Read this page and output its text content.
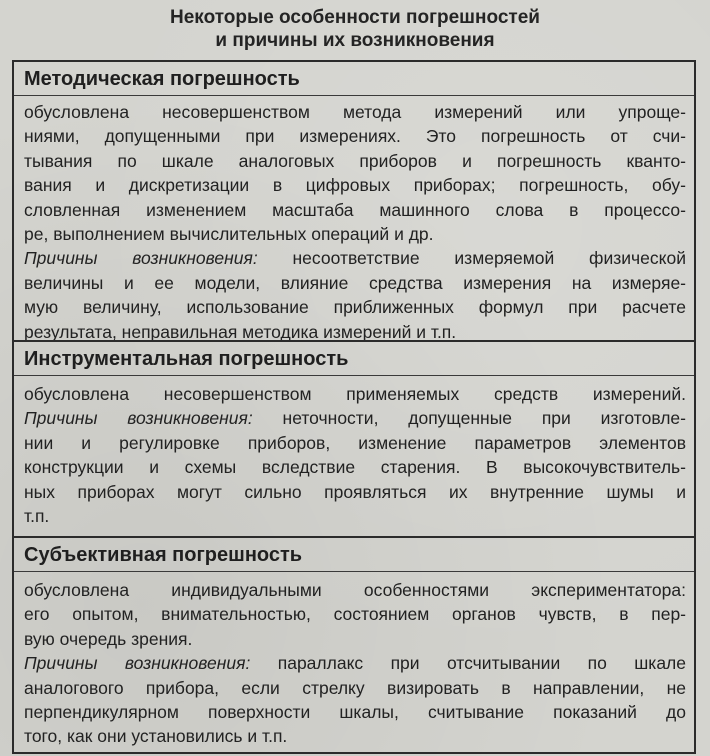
Некоторые особенности погрешностей
и причины их возникновения
Методическая погрешность
обусловлена несовершенством метода измерений или упроще-
ниями, допущенными при измерениях. Это погрешность от счи-
тывания по шкале аналоговых приборов и погрешность кванто-
вания и дискретизации в цифровых приборах; погрешность, обу-
словленная изменением масштаба машинного слова в процессо-
ре, выполнением вычислительных операций и др.
Причины возникновения: несоответствие измеряемой физической
величины и ее модели, влияние средства измерения на измеряе-
мую величину, использование приближенных формул при расчете
результата, неправильная методика измерений и т.п.
Инструментальная погрешность
обусловлена несовершенством применяемых средств измерений.
Причины возникновения: неточности, допущенные при изготовле-
нии и регулировке приборов, изменение параметров элементов
конструкции и схемы вследствие старения. В высокочувствитель-
ных приборах могут сильно проявляться их внутренние шумы и
т.п.
Субъективная погрешность
обусловлена индивидуальными особенностями экспериментатора:
его опытом, внимательностью, состоянием органов чувств, в пер-
вую очередь зрения.
Причины возникновения: параллакс при отсчитывании по шкале
аналогового прибора, если стрелку визировать в направлении, не
перпендикулярном поверхности шкалы, считывание показаний до
того, как они установились и т.п.
